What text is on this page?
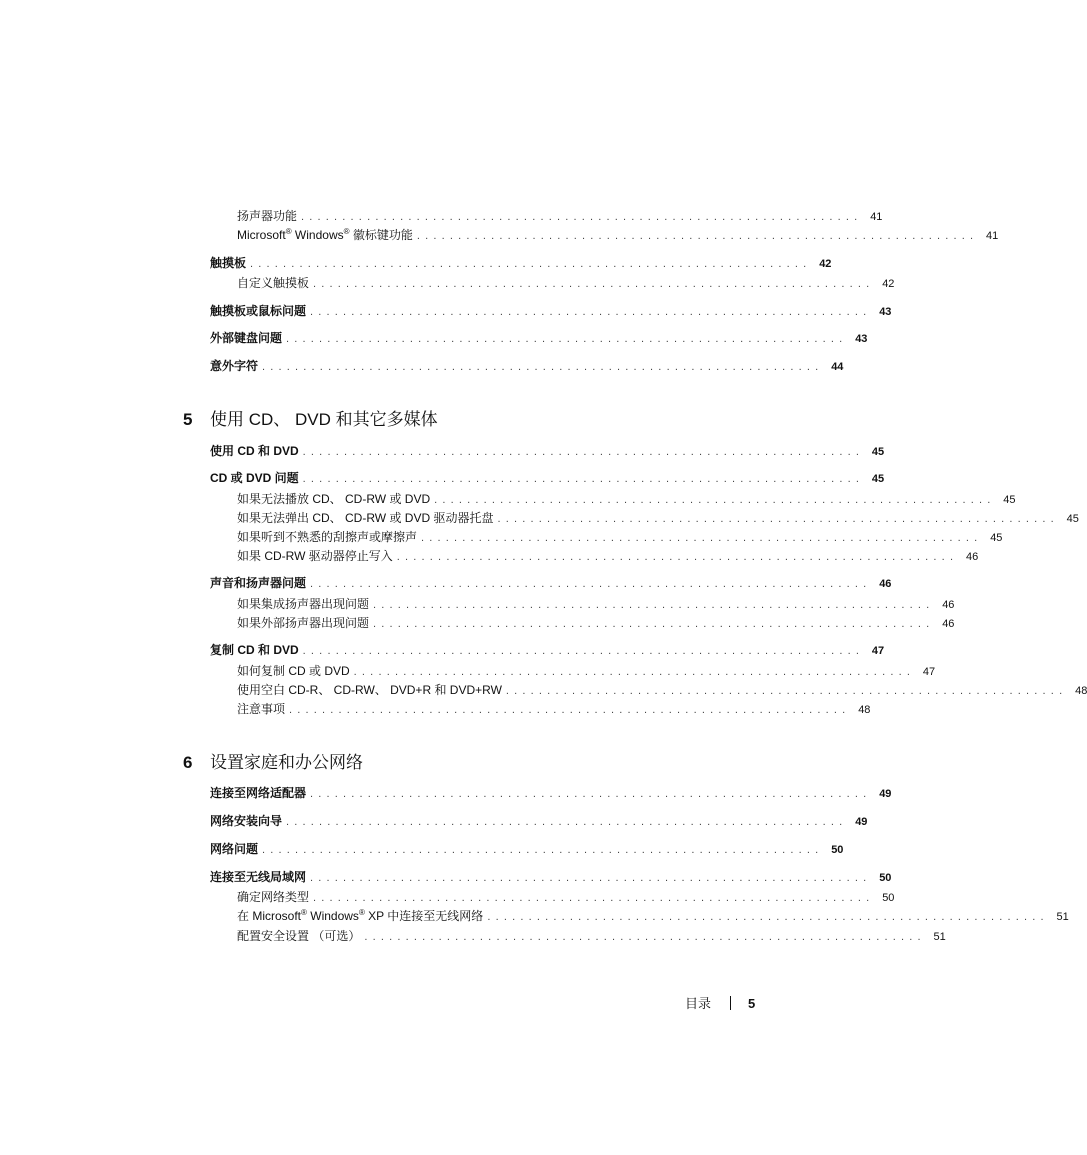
扬声器功能 .................................................................... 41
Microsoft® Windows® 徽标键功能 .................................................................... 41
触摸板 .................................................................... 42
自定义触摸板 .................................................................... 42
触摸板或鼠标问题 .................................................................... 43
外部键盘问题 .................................................................... 43
意外字符 .................................................................... 44
5	使用 CD、 DVD 和其它多媒体
使用 CD 和 DVD .................................................................... 45
CD 或 DVD 问题 .................................................................... 45
如果无法播放 CD、 CD-RW 或 DVD .................................................................... 45
如果无法弹出 CD、 CD-RW 或 DVD 驱动器托盘 .................................................................... 45
如果听到不熟悉的刮擦声或摩擦声 .................................................................... 45
如果 CD-RW 驱动器停止写入 .................................................................... 46
声音和扬声器问题 .................................................................... 46
如果集成扬声器出现问题 .................................................................... 46
如果外部扬声器出现问题 .................................................................... 46
复制 CD 和 DVD .................................................................... 47
如何复制 CD 或 DVD .................................................................... 47
使用空白 CD-R、 CD-RW、 DVD+R 和 DVD+RW .................................................................... 48
注意事项 .................................................................... 48
6	设置家庭和办公网络
连接至网络适配器 .................................................................... 49
网络安装向导 .................................................................... 49
网络问题 .................................................................... 50
连接至无线局域网 .................................................................... 50
确定网络类型 .................................................................... 50
在 Microsoft® Windows® XP 中连接至无线网络 .................................................................... 51
配置安全设置 （可选） .................................................................... 51
目录	5
